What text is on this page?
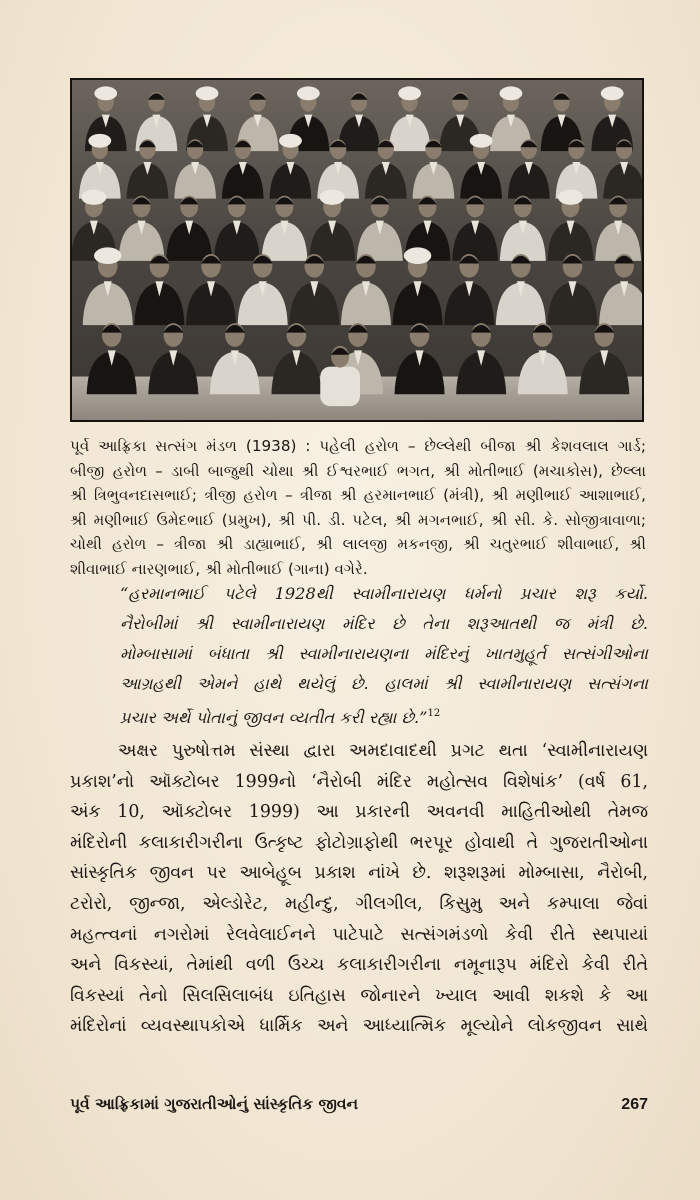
પૂર્વ આફ્રિકા સત્સંગ મંડળ (1938) : પહેલી હરોળ – છેલ્લેથી બીજા શ્રી કેશવલાલ ગાર્ડ;

બીજી હરોળ – ડાબી બાજુથી ચોથા શ્રી ઈશ્વરભાઈ ભગત, શ્રી મોતીભાઈ (મચાકોસ), છેલ્લા

શ્રી ત્રિભુવનદાસભાઈ; ત્રીજી હરોળ – ત્રીજા શ્રી હરમાનભાઈ (મંત્રી), શ્રી મણીભાઈ આશાભાઈ,

શ્રી મણીભાઈ ઉમેદભાઈ (પ્રમુખ), શ્રી પી. ડી. પટેલ, શ્રી મગનભાઈ, શ્રી સી. કે. સોજીત્રાવાળા;

ચોથી હરોળ – ત્રીજા શ્રી ડાહ્યાભાઈ, શ્રી લાલજી મકનજી, શ્રી ચતુરભાઈ શીવાભાઈ, શ્રી

શીવાભાઈ નારણભાઈ, શ્રી મોતીભાઈ (ગાના) વગેરે.

“હરમાનભાઈ પટેલે 1928થી સ્વામીનારાયણ ધર્મનો પ્રચાર શરૂ કર્યો.

નૈરોબીમાં શ્રી સ્વામીનારાયણ મંદિર છે તેના શરૂઆતથી જ મંત્રી છે.

મોમ્બાસામાં બંધાતા શ્રી સ્વામીનારાયણના મંદિરનું ખાતમુહૂર્ત સત્સંગીઓના

આગ્રહથી એમને હાથે થયેલું છે. હાલમાં શ્રી સ્વામીનારાયણ સત્સંગના

પ્રચાર અર્થે પોતાનું જીવન વ્યતીત કરી રહ્યા છે.”$^{12}$

અક્ષર પુરુષોત્તમ સંસ્થા દ્વારા અમદાવાદથી પ્રગટ થતા ‘સ્વામીનારાયણ

પ્રકાશ’નો ઑક્ટોબર 1999નો ‘નૈરોબી મંદિર મહોત્સવ વિશેષાંક’ (વર્ષ 61,

અંક 10, ઑક્ટોબર 1999) આ પ્રકારની અવનવી માહિતીઓથી તેમજ

મંદિરોની કલાકારીગરીના ઉત્કૃષ્ટ ફોટોગ્રાફોથી ભરપૂર હોવાથી તે ગુજરાતીઓના

સાંસ્કૃતિક જીવન પર આબેહૂબ પ્રકાશ નાંખે છે. શરૂશરૂમાં મોમ્બાસા, નૈરોબી,

ટરોરો, જીન્જા, એલ્ડોરેટ, મહીન્દુ, ગીલગીલ, કિસુમુ અને કમ્પાલા જેવાં

મહત્ત્વનાં નગરોમાં રેલવેલાઈનને પાટેપાટે સત્સંગમંડળો કેવી રીતે સ્થપાયાં

અને વિકસ્યાં, તેમાંથી વળી ઉચ્ચ કલાકારીગરીના નમૂનારૂપ મંદિરો કેવી રીતે

વિકસ્યાં તેનો સિલસિલાબંધ ઇતિહાસ જોનારને ખ્યાલ આવી શકશે કે આ

મંદિરોનાં વ્યવસ્થાપકોએ ધાર્મિક અને આધ્યાત્મિક મૂલ્યોને લોકજીવન સાથે

પૂર્વ આફ્રિકામાં ગુજરાતીઓનું સાંસ્કૃતિક જીવન	267
